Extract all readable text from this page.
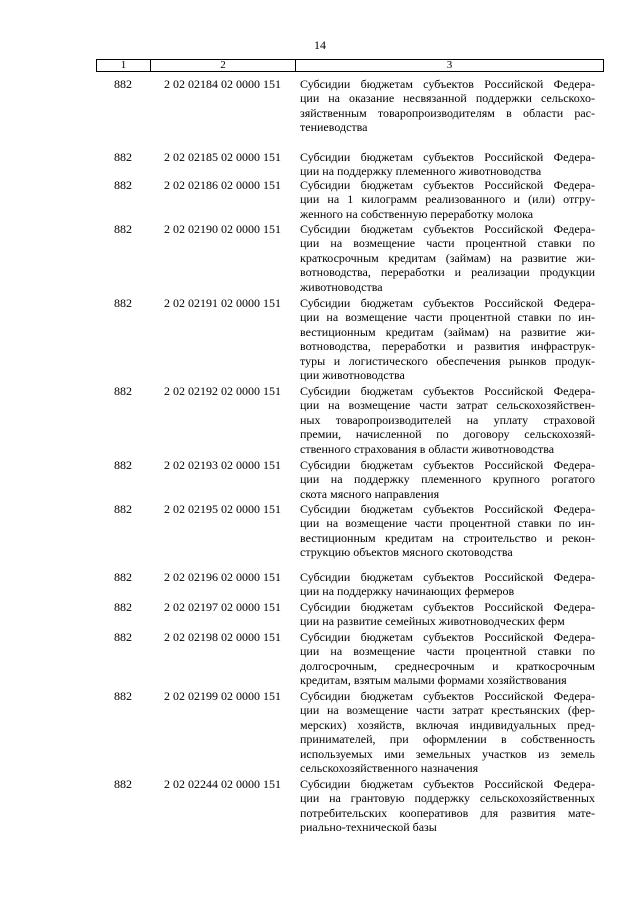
14
1	2	3
882	2 02 02184 02 0000 151	Субсидии бюджетам субъектов Российской Федера-
ции на оказание несвязанной поддержки сельскохо-
зяйственным товаропроизводителям в области рас-
тениеводства
882	2 02 02185 02 0000 151	Субсидии бюджетам субъектов Российской Федера-
ции на поддержку племенного животноводства
882	2 02 02186 02 0000 151	Субсидии бюджетам субъектов Российской Федера-
ции на 1 килограмм реализованного и (или) отгру-
женного на собственную переработку молока
882	2 02 02190 02 0000 151	Субсидии бюджетам субъектов Российской Федера-
ции на возмещение части процентной ставки по
краткосрочным кредитам (займам) на развитие жи-
вотноводства, переработки и реализации продукции
животноводства
882	2 02 02191 02 0000 151	Субсидии бюджетам субъектов Российской Федера-
ции на возмещение части процентной ставки по ин-
вестиционным кредитам (займам) на развитие жи-
вотноводства, переработки и развития инфраструк-
туры и логистического обеспечения рынков продук-
ции животноводства
882	2 02 02192 02 0000 151	Субсидии бюджетам субъектов Российской Федера-
ции на возмещение части затрат сельскохозяйствен-
ных товаропроизводителей на уплату страховой
премии, начисленной по договору сельскохозяй-
ственного страхования в области животноводства
882	2 02 02193 02 0000 151	Субсидии бюджетам субъектов Российской Федера-
ции на поддержку племенного крупного рогатого
скота мясного направления
882	2 02 02195 02 0000 151	Субсидии бюджетам субъектов Российской Федера-
ции на возмещение части процентной ставки по ин-
вестиционным кредитам на строительство и рекон-
струкцию объектов мясного скотоводства
882	2 02 02196 02 0000 151	Субсидии бюджетам субъектов Российской Федера-
ции на поддержку начинающих фермеров
882	2 02 02197 02 0000 151	Субсидии бюджетам субъектов Российской Федера-
ции на развитие семейных животноводческих ферм
882	2 02 02198 02 0000 151	Субсидии бюджетам субъектов Российской Федера-
ции на возмещение части процентной ставки по
долгосрочным, среднесрочным и краткосрочным
кредитам, взятым малыми формами хозяйствования
882	2 02 02199 02 0000 151	Субсидии бюджетам субъектов Российской Федера-
ции на возмещение части затрат крестьянских (фер-
мерских) хозяйств, включая индивидуальных пред-
принимателей, при оформлении в собственность
используемых ими земельных участков из земель
сельскохозяйственного назначения
882	2 02 02244 02 0000 151	Субсидии бюджетам субъектов Российской Федера-
ции на грантовую поддержку сельскохозяйственных
потребительских кооперативов для развития мате-
риально-технической базы
